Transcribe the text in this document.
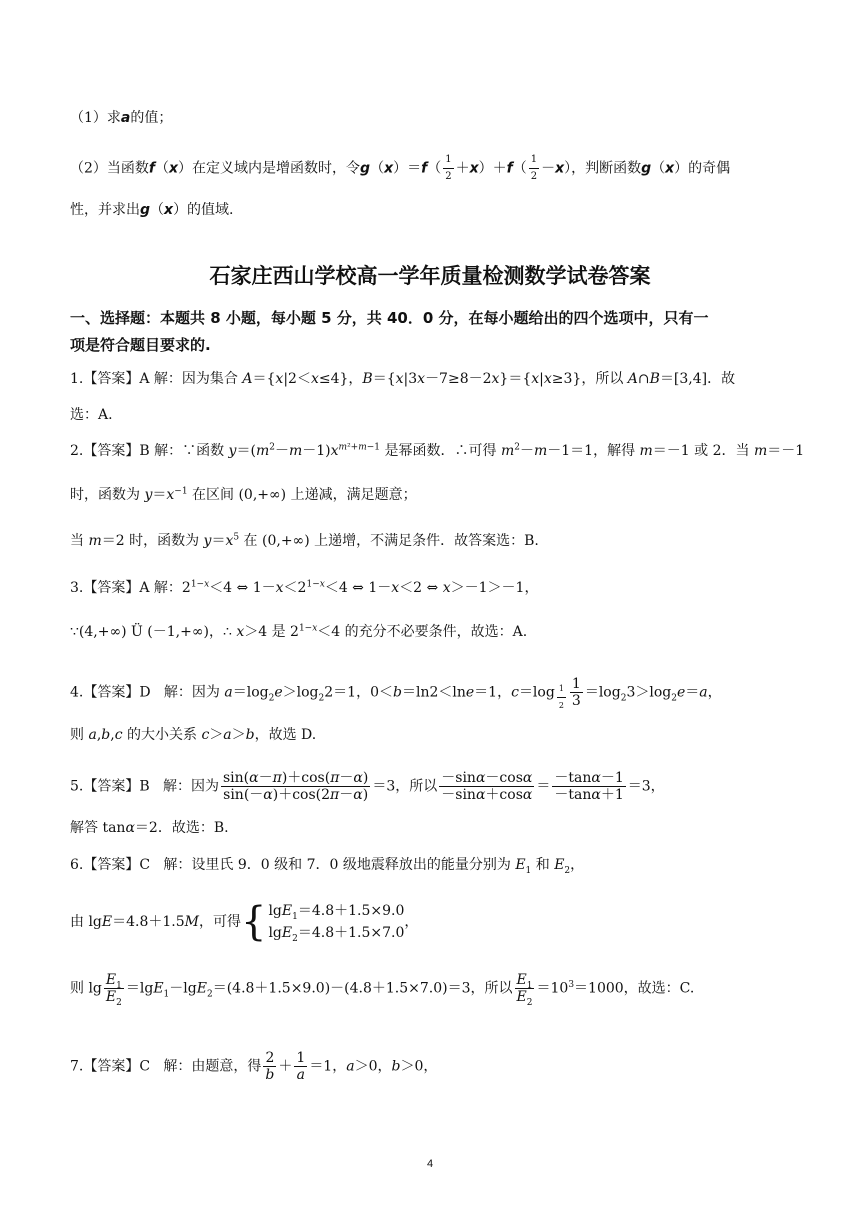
（1）求a的值；
（2）当函数f（x）在定义域内是增函数时，令$g(x)=f( \frac{1}{2} +x)+f( \frac{1}{2} -x)$，判断函数g（x）的奇偶
性，并求出g（x）的值域.
石家庄西山学校高一学年质量检测数学试卷答案
一、选择题：本题共 8 小题，每小题 5 分，共 40．0 分，在每小题给出的四个选项中，只有一
项是符合题目要求的.
1.【答案】A 解：因为集合 A＝{x|2＜x≤4}，B＝{x|3x－7≥8－2x}＝{x|x≥3}，所以 A∩B＝[3,4]．故
选：A.
2.【答案】B 解：∵函数 $y=(m^2-m-1)x^{m^2+m-1}$ 是幂函数．∴可得 $m^2-m-1=1$，解得 m＝－1 或 2．当 m＝－1
时，函数为 $y=x^{-1}$ 在区间 (0,+∞) 上递减，满足题意；
当 m＝2 时，函数为 $y=x^5$ 在 (0,+∞) 上递增，不满足条件．故答案选：B.
3.【答案】A 解：$2^{1-x}<4$ ⇔ $1-x<2^{1-x}<4$ ⇔ 1－x＜2 ⇔ x＞－1＞－1，
∵(4,+∞) Ü (－1,+∞)，∴ x＞4 是 $2^{1-x}<4$ 的充分不必要条件，故选：A.
4.【答案】D   解：因为 $a=\log_2e>\log_22=1$，0＜b＝ln2＜lne＝1，c＝log $_{\frac{1}{2}} \frac{1}{3} =\log_23>\log_2e=a$，
则 a,b,c 的大小关系 c＞a＞b，故选 D.
5.【答案】B   解：因为 $\frac{\sin(\alpha-\pi)+\cos(\pi-\alpha)}{\sin(-\alpha)+\cos(2\pi-\alpha)} =3$，所以 $\frac{-\sin\alpha-\cos\alpha}{-\sin\alpha+\cos\alpha} = \frac{-\tan\alpha-1}{-\tan\alpha+1} =3$，
解答 tanα＝2．故选：B.
6.【答案】C   解：设里氏 9．0 级和 7．0 级地震释放出的能量分别为 $E_1$ 和 $E_2$，
由 lgE＝4.8＋1.5M，可得{ lgE$_1$＝4.8＋1.5×9.0
lgE$_2$＝4.8＋1.5×7.0，
则 $\lg \frac{E_1}{E_2} =\lg E_1-\lg E_2=(4.8+1.5\times 9.0)-(4.8+1.5\times 7.0)=3$，所以 $\frac{E_1}{E_2} =10^3=1000$，故选：C.
7.【答案】C   解：由题意，得 $\frac{2}{b} + \frac{1}{a} =1$，a＞0，b＞0，
4
